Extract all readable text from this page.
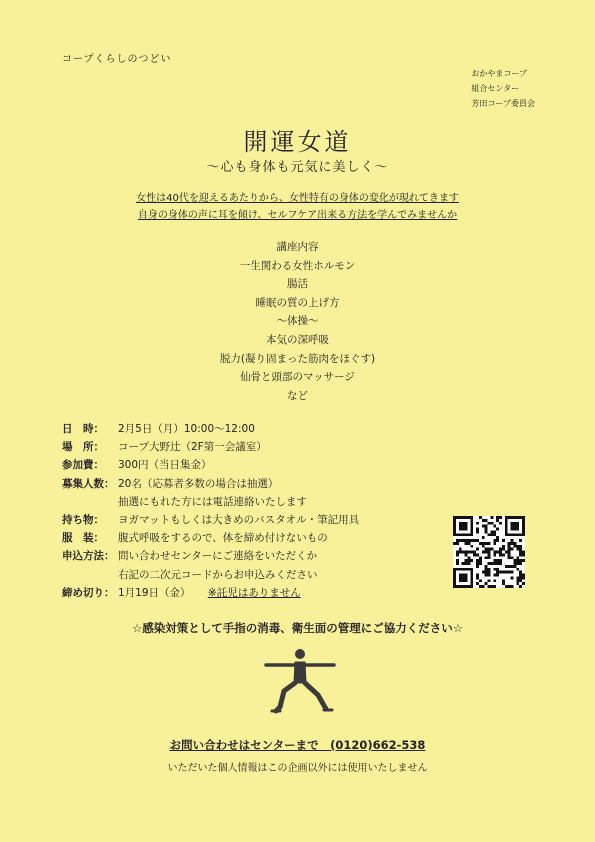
コープくらしのつどい
おかやまコープ
組合センター
芳田コープ委員会
開運女道
～心も身体も元気に美しく～
女性は40代を迎えるあたりから、女性特有の身体の変化が現れてきます
自身の身体の声に耳を傾け、セルフケア出来る方法を学んでみませんか
講座内容
一生関わる女性ホルモン
腸活
睡眠の質の上げ方
～体操～
本気の深呼吸
脱力(凝り固まった筋肉をほぐす)
仙骨と頭部のマッサージ
など
日　時：	2月5日（月）10:00～12:00
場　所：	コープ大野辻（2F第一会議室）
参加費：	300円（当日集金）
募集人数： 20名（応募者多数の場合は抽選）
抽選にもれた方には電話連絡いたします
持ち物：	ヨガマットもしくは大きめのバスタオル・筆記用具
服　装：	腹式呼吸をするので、体を締め付けないもの
申込方法： 問い合わせセンターにご連絡をいただくか
右記の二次元コードからお申込みください
締め切り： 1月19日（金） ※託児はありません
☆感染対策として手指の消毒、衛生面の管理にご協力ください☆
お問い合わせはセンターまで　(0120)662-538
いただいた個人情報はこの企画以外には使用いたしません
